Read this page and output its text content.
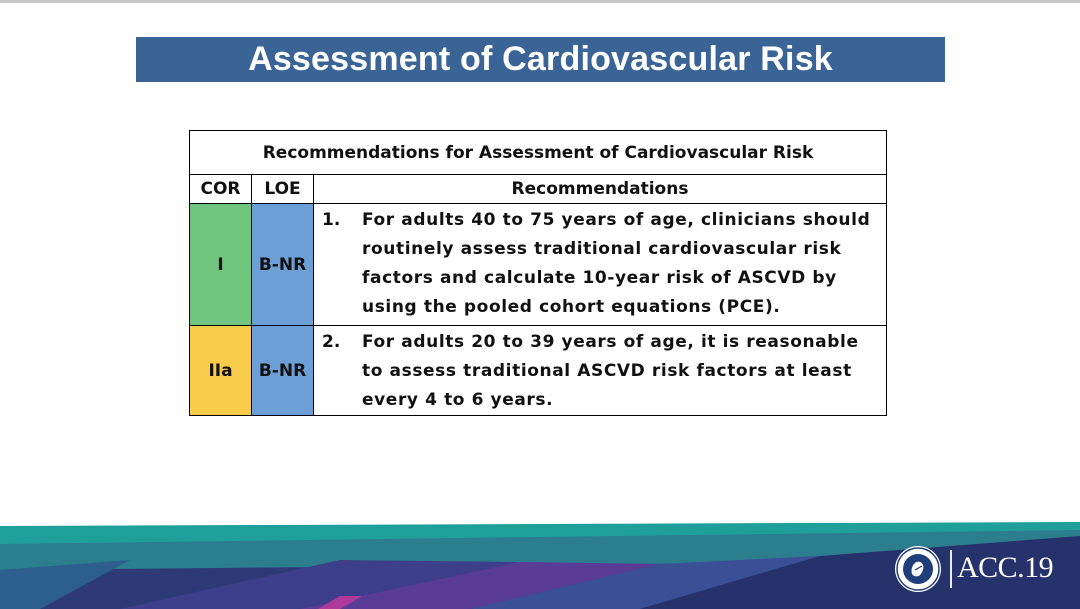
Assessment of Cardiovascular Risk
Recommendations for Assessment of Cardiovascular Risk		
COR	LOE	Recommendations
I	B-NR	1. For adults 40 to 75 years of age, clinicians should routinely assess traditional cardiovascular risk factors and calculate 10-year risk of ASCVD by using the pooled cohort equations (PCE).

IIa	B-NR	2. For adults 20 to 39 years of age, it is reasonable to assess traditional ASCVD risk factors at least every 4 to 6 years.
ACC.19
